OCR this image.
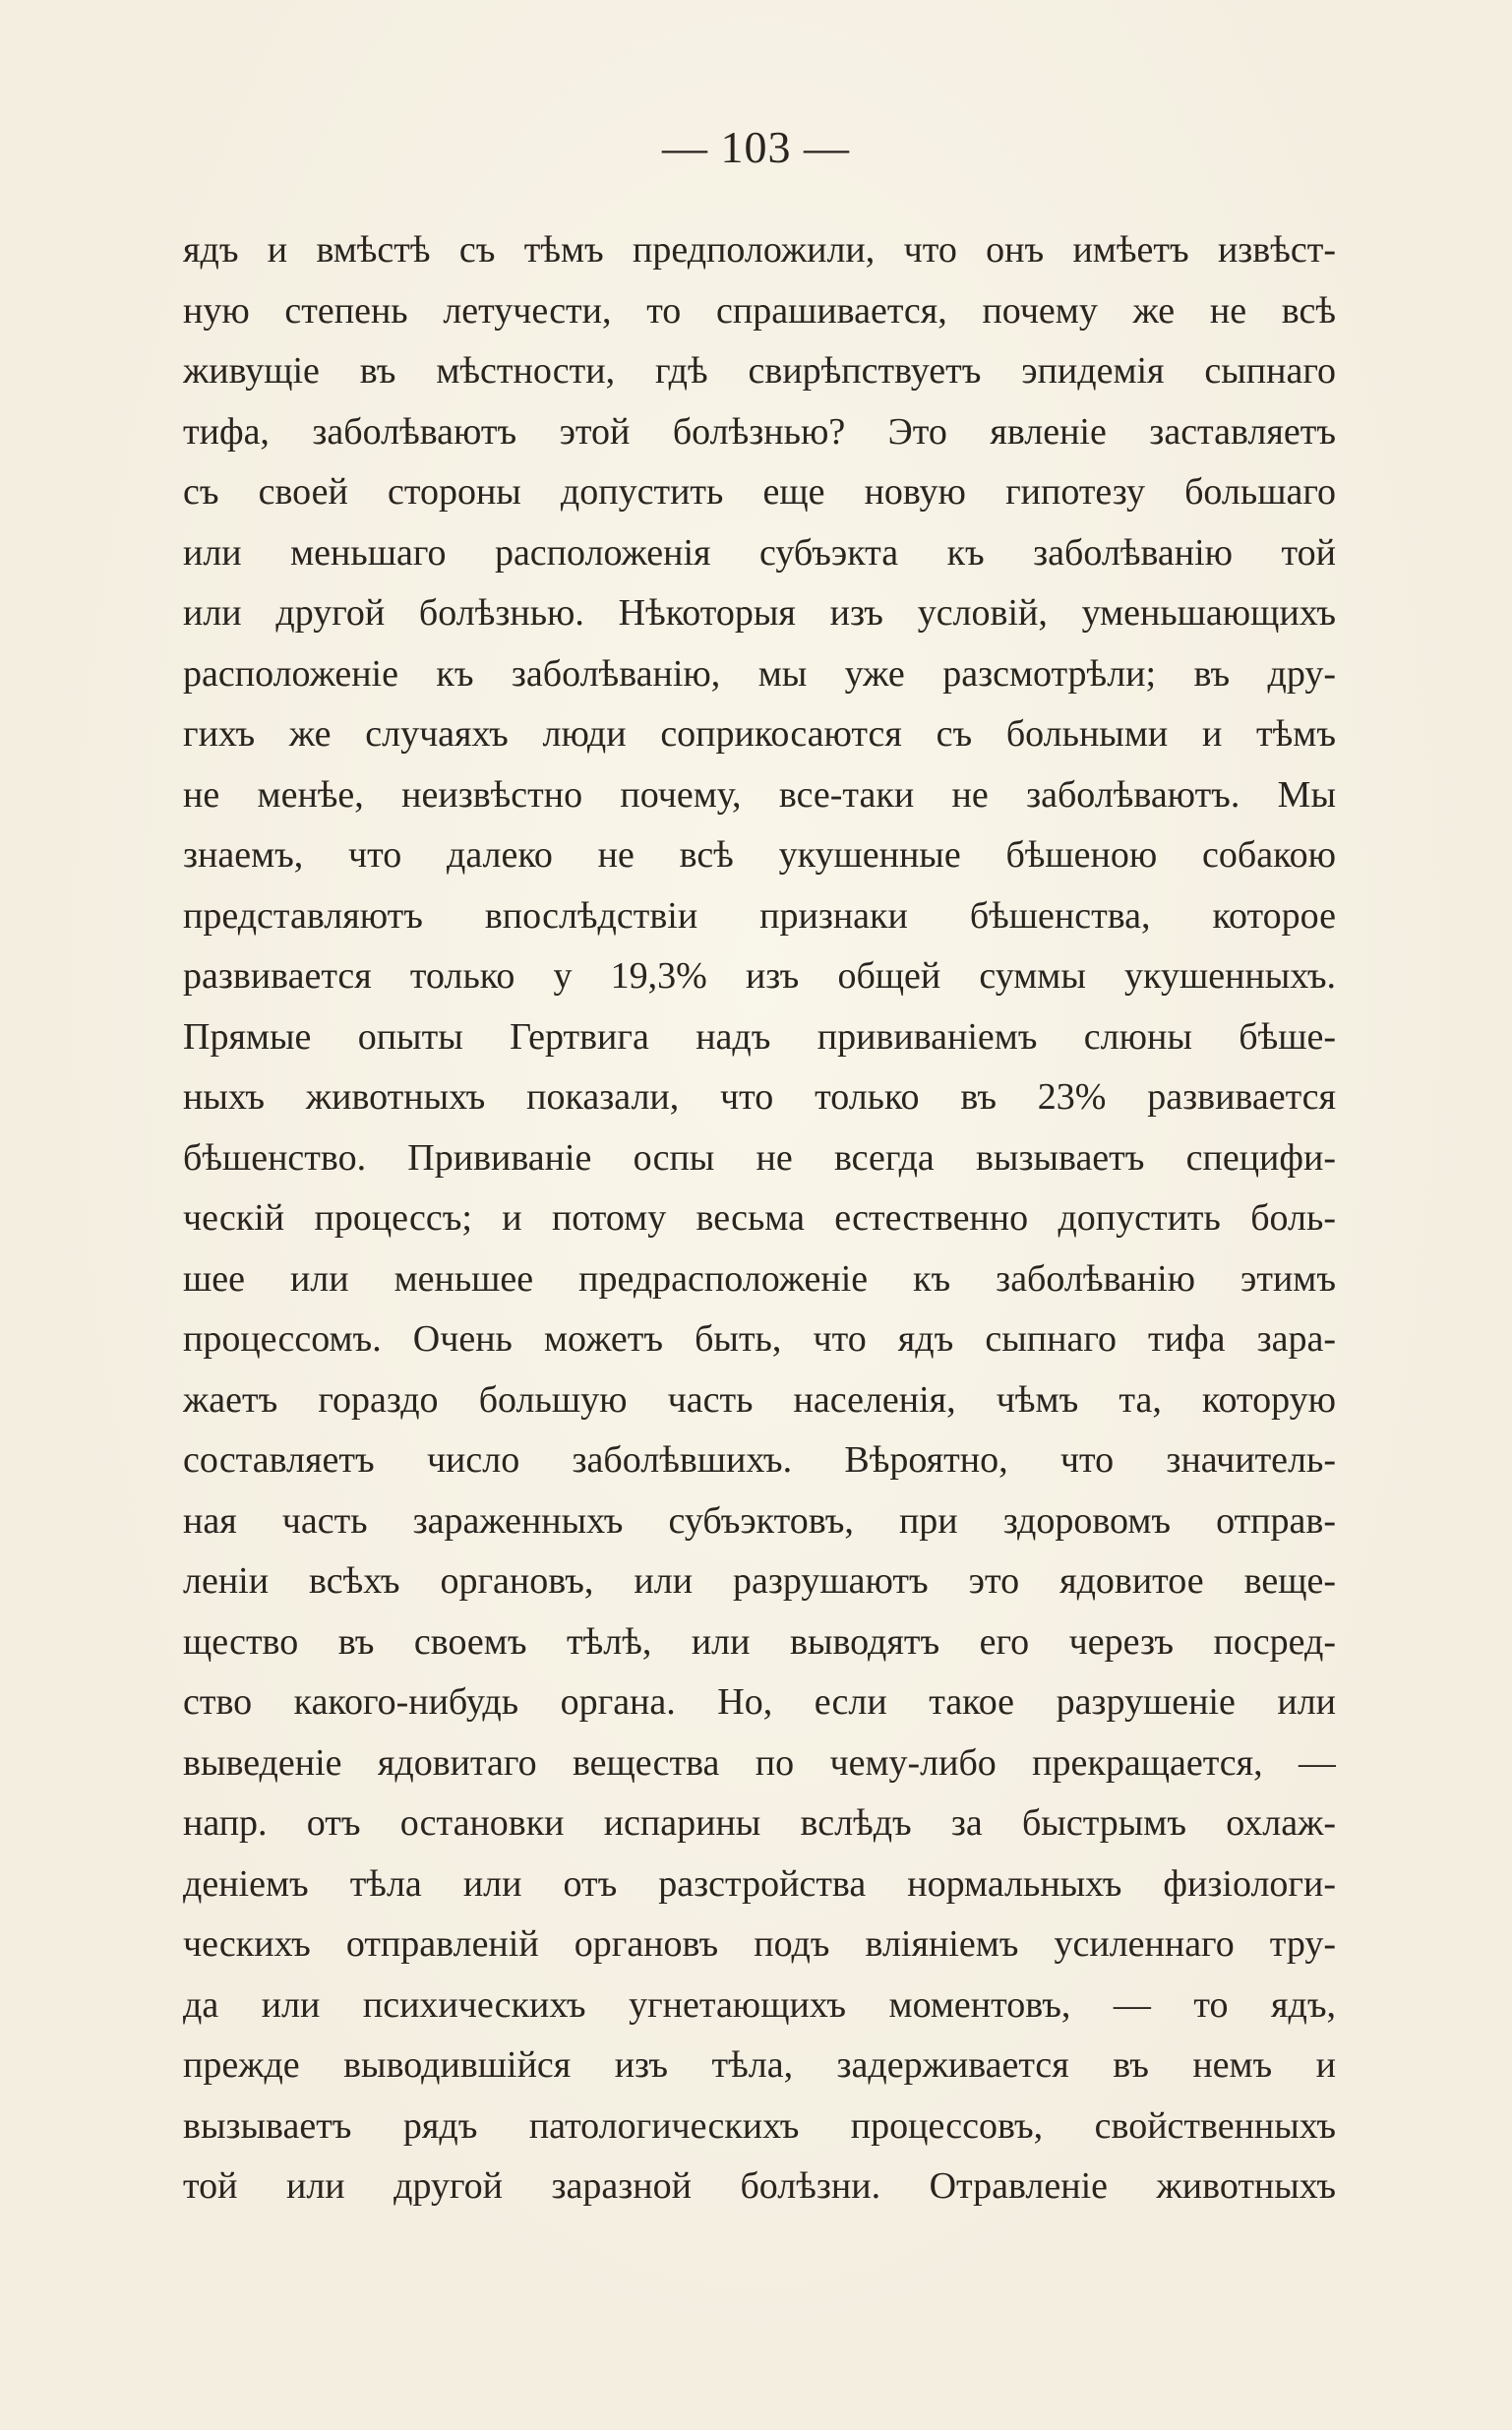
— 103 —
ядъ и вмѣстѣ съ тѣмъ предположили, что онъ имѣетъ извѣст-
ную степень летучести, то спрашивается, почему же не всѣ
живущіе въ мѣстности, гдѣ свирѣпствуетъ эпидемія сыпнаго
тифа, заболѣваютъ этой болѣзнью? Это явленіе заставляетъ
съ своей стороны допустить еще новую гипотезу большаго
или меньшаго расположенія субъэкта къ заболѣванію той
или другой болѣзнью. Нѣкоторыя изъ условій, уменьшающихъ
расположеніе къ заболѣванію, мы уже разсмотрѣли; въ дру-
гихъ же случаяхъ люди соприкосаются съ больными и тѣмъ
не менѣе, неизвѣстно почему, все-таки не заболѣваютъ. Мы
знаемъ, что далеко не всѣ укушенные бѣшеною собакою
представляютъ впослѣдствіи признаки бѣшенства, которое
развивается только у 19,3% изъ общей суммы укушенныхъ.
Прямые опыты Гертвига надъ прививаніемъ слюны бѣше-
ныхъ животныхъ показали, что только въ 23% развивается
бѣшенство. Прививаніе оспы не всегда вызываетъ специфи-
ческій процессъ; и потому весьма естественно допустить боль-
шее или меньшее предрасположеніе къ заболѣванію этимъ
процессомъ. Очень можетъ быть, что ядъ сыпнаго тифа зара-
жаетъ гораздо большую часть населенія, чѣмъ та, которую
составляетъ число заболѣвшихъ. Вѣроятно, что значитель-
ная часть зараженныхъ субъэктовъ, при здоровомъ отправ-
леніи всѣхъ органовъ, или разрушаютъ это ядовитое веще-
щество въ своемъ тѣлѣ, или выводятъ его черезъ посред-
ство какого-нибудь органа. Но, если такое разрушеніе или
выведеніе ядовитаго вещества по чему-либо прекращается, —
напр. отъ остановки испарины вслѣдъ за быстрымъ охлаж-
деніемъ тѣла или отъ разстройства нормальныхъ физіологи-
ческихъ отправленій органовъ подъ вліяніемъ усиленнаго тру-
да или психическихъ угнетающихъ моментовъ, — то ядъ,
прежде выводившійся изъ тѣла, задерживается въ немъ и
вызываетъ рядъ патологическихъ процессовъ, свойственныхъ
той или другой заразной болѣзни. Отравленіе животныхъ
